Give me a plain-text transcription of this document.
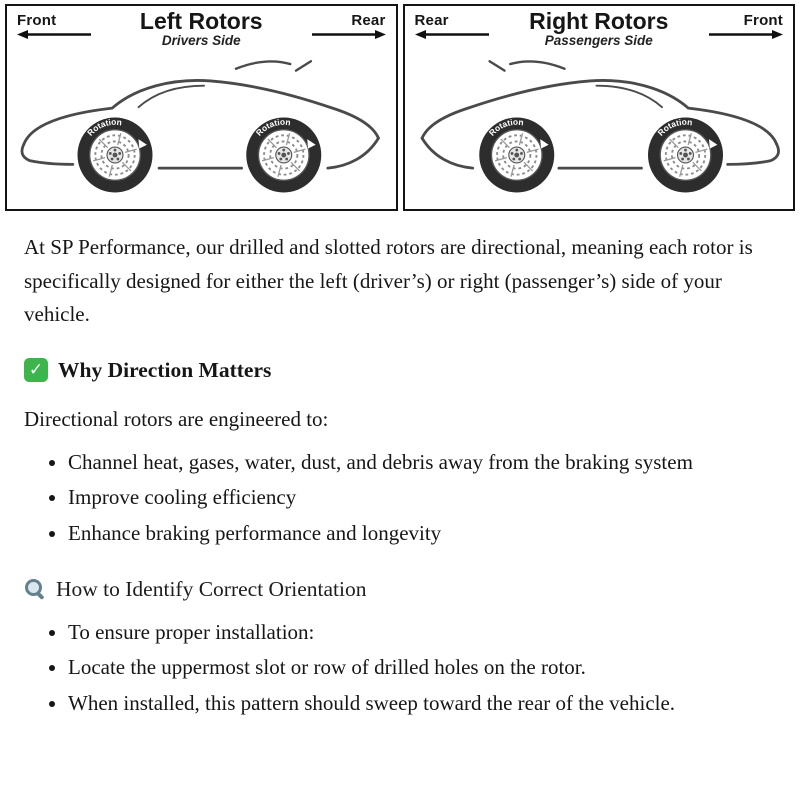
Front	Left Rotors
Drivers Side
Rear Rear	Right Rotors
Passengers Side
Front

At SP Performance, our drilled and slotted rotors are directional, meaning each rotor is specifically designed for either the left (driver’s) or right (passenger’s) side of your vehicle.

✓ Why Direction Matters

Directional rotors are engineered to:

• Channel heat, gases, water, dust, and debris away from the braking system
• Improve cooling efficiency
• Enhance braking performance and longevity
How to Identify Correct Orientation
• To ensure proper installation:
• Locate the uppermost slot or row of drilled holes on the rotor.
• When installed, this pattern should sweep toward the rear of the vehicle.
